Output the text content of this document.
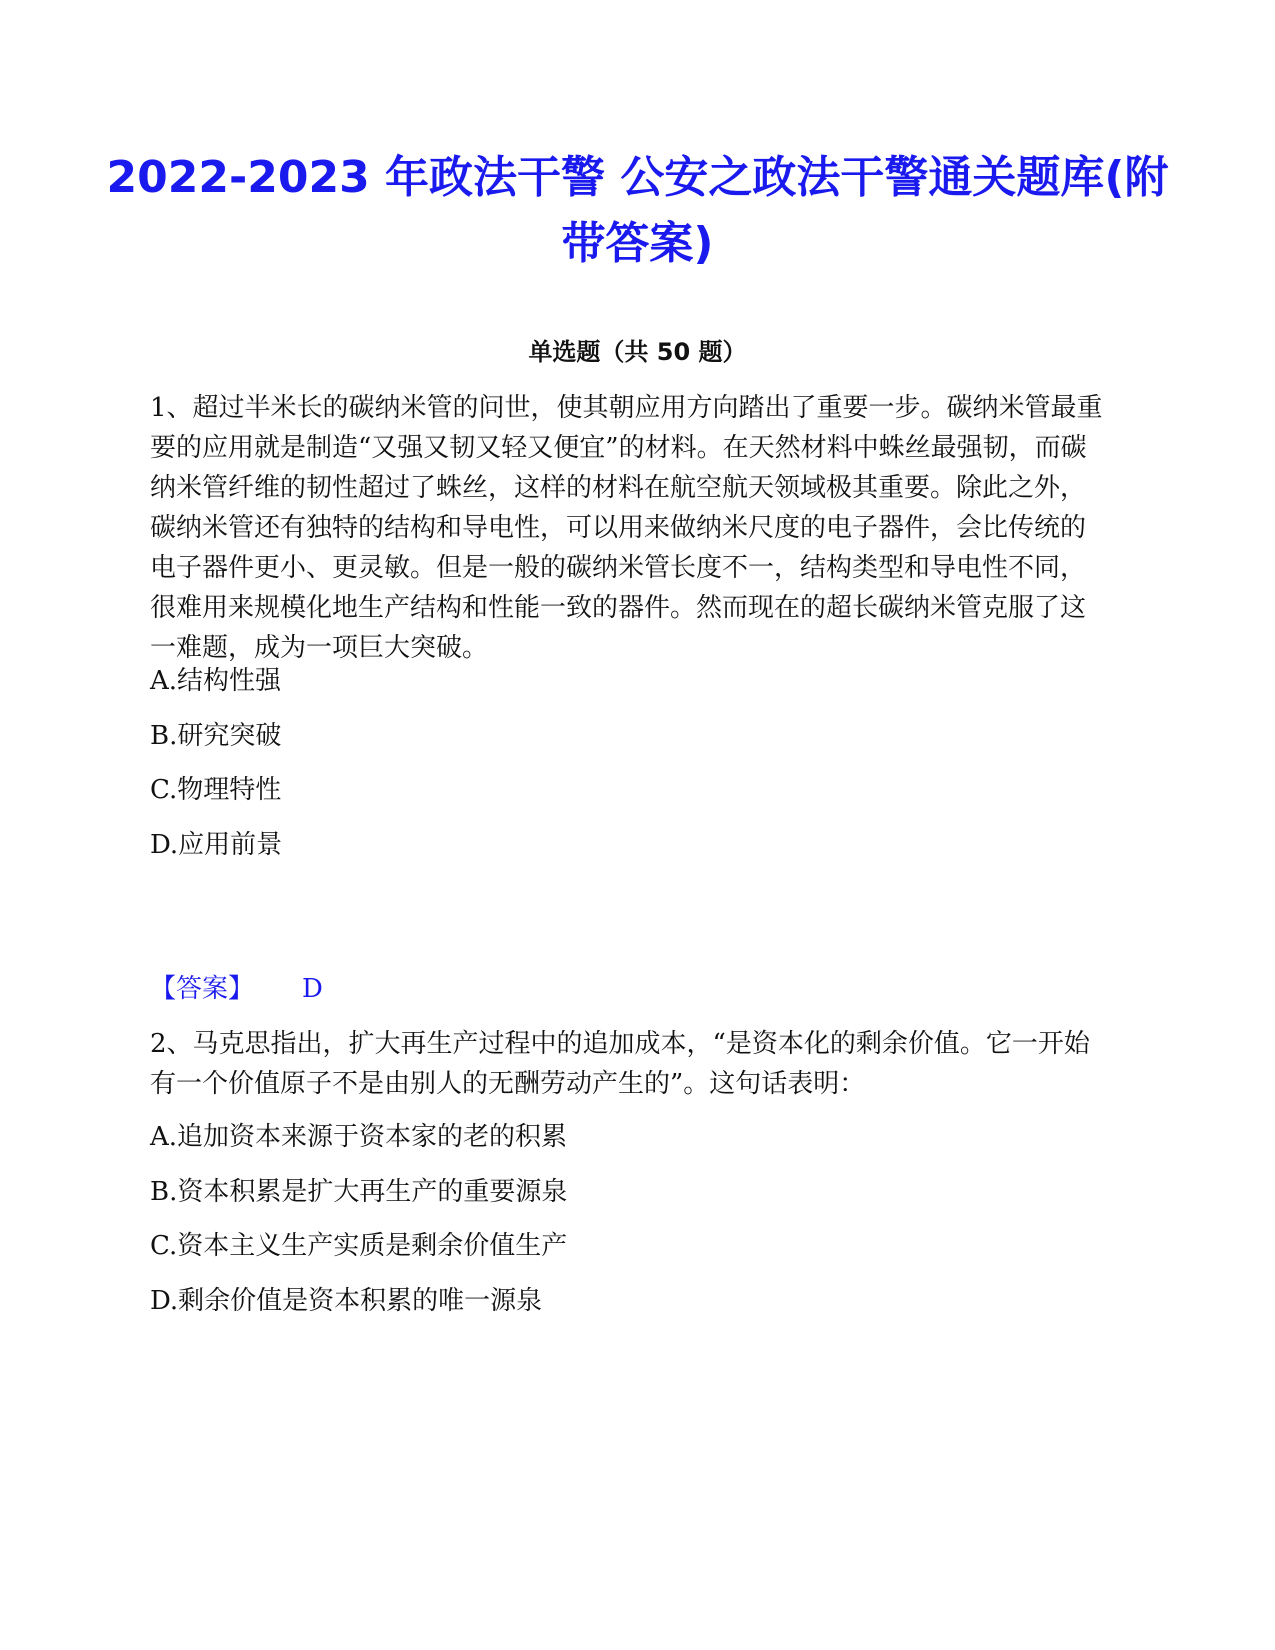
2022-2023 年政法干警 公安之政法干警通关题库(附带答案)
单选题（共 50 题）

1、超过半米长的碳纳米管的问世，使其朝应用方向踏出了重要一步。碳纳米管最重要的应用就是制造“又强又韧又轻又便宜”的材料。在天然材料中蛛丝最强韧，而碳纳米管纤维的韧性超过了蛛丝，这样的材料在航空航天领域极其重要。除此之外，碳纳米管还有独特的结构和导电性，可以用来做纳米尺度的电子器件，会比传统的电子器件更小、更灵敏。但是一般的碳纳米管长度不一，结构类型和导电性不同，很难用来规模化地生产结构和性能一致的器件。然而现在的超长碳纳米管克服了这一难题，成为一项巨大突破。

A.结构性强

B.研究突破

C.物理特性

D.应用前景

【答案】 D

2、马克思指出，扩大再生产过程中的追加成本，“是资本化的剩余价值。它一开始有一个价值原子不是由别人的无酬劳动产生的”。这句话表明：

A.追加资本来源于资本家的老的积累

B.资本积累是扩大再生产的重要源泉

C.资本主义生产实质是剩余价值生产

D.剩余价值是资本积累的唯一源泉
